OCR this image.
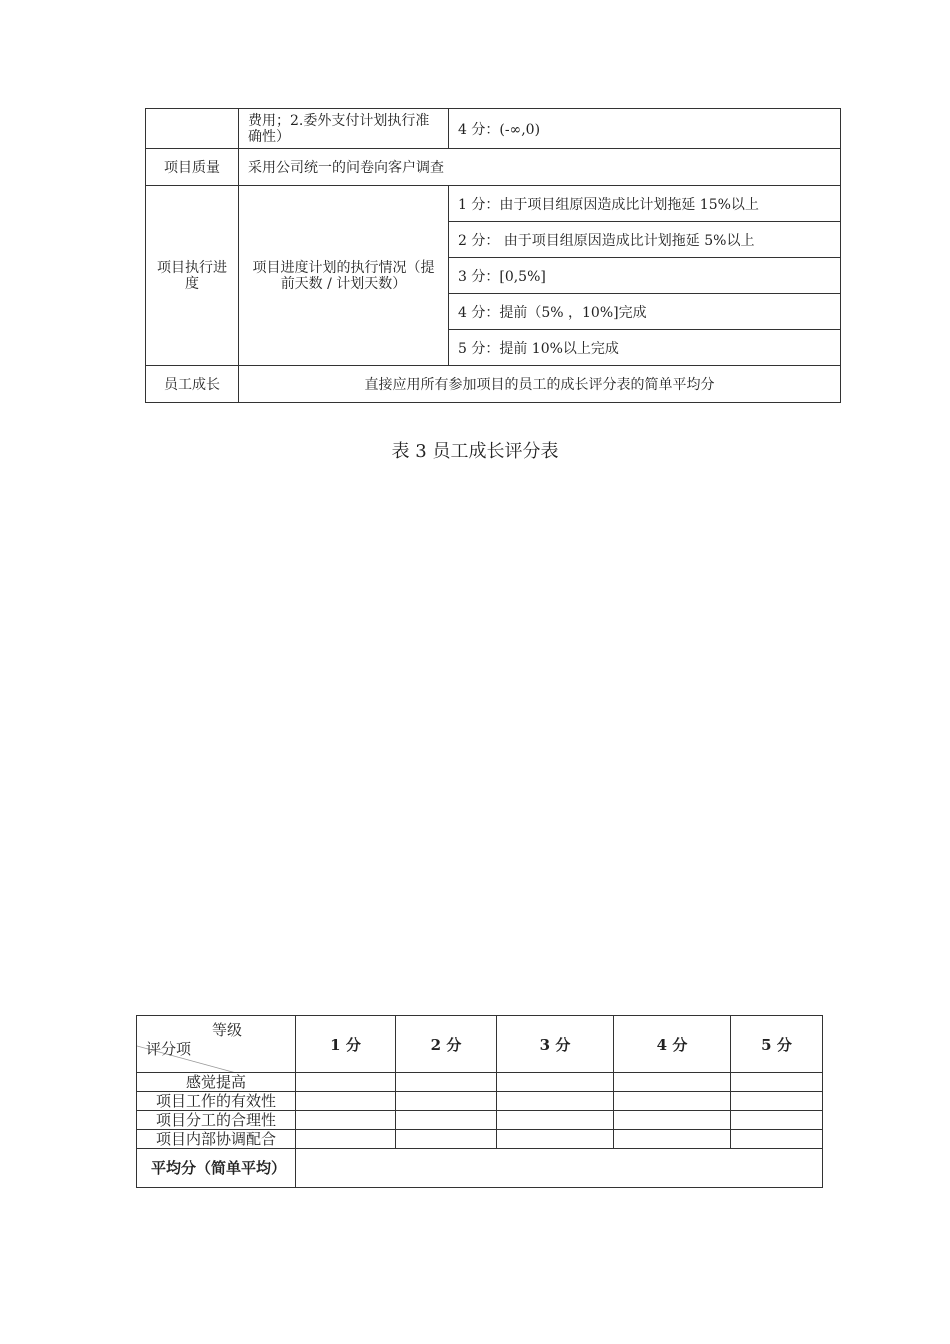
	费用；2.委外支付计划执行准确性）	4 分：(-∞,0)
项目质量	采用公司统一的问卷向客户调查	
项目执行进度	项目进度计划的执行情况（提前天数 / 计划天数）	1 分：由于项目组原因造成比计划拖延 15%以上
		2 分： 由于项目组原因造成比计划拖延 5%以上
		3 分：[0,5%]
		4 分：提前（5% ，10%]完成
		5 分：提前 10%以上完成
员工成长	直接应用所有参加项目的员工的成长评分表的简单平均分	
表 3 员工成长评分表
等级
评分项	1 分	2 分	3 分	4 分	5 分
感觉提高					
项目工作的有效性					
项目分工的合理性					
项目内部协调配合					
平均分（简单平均）					
